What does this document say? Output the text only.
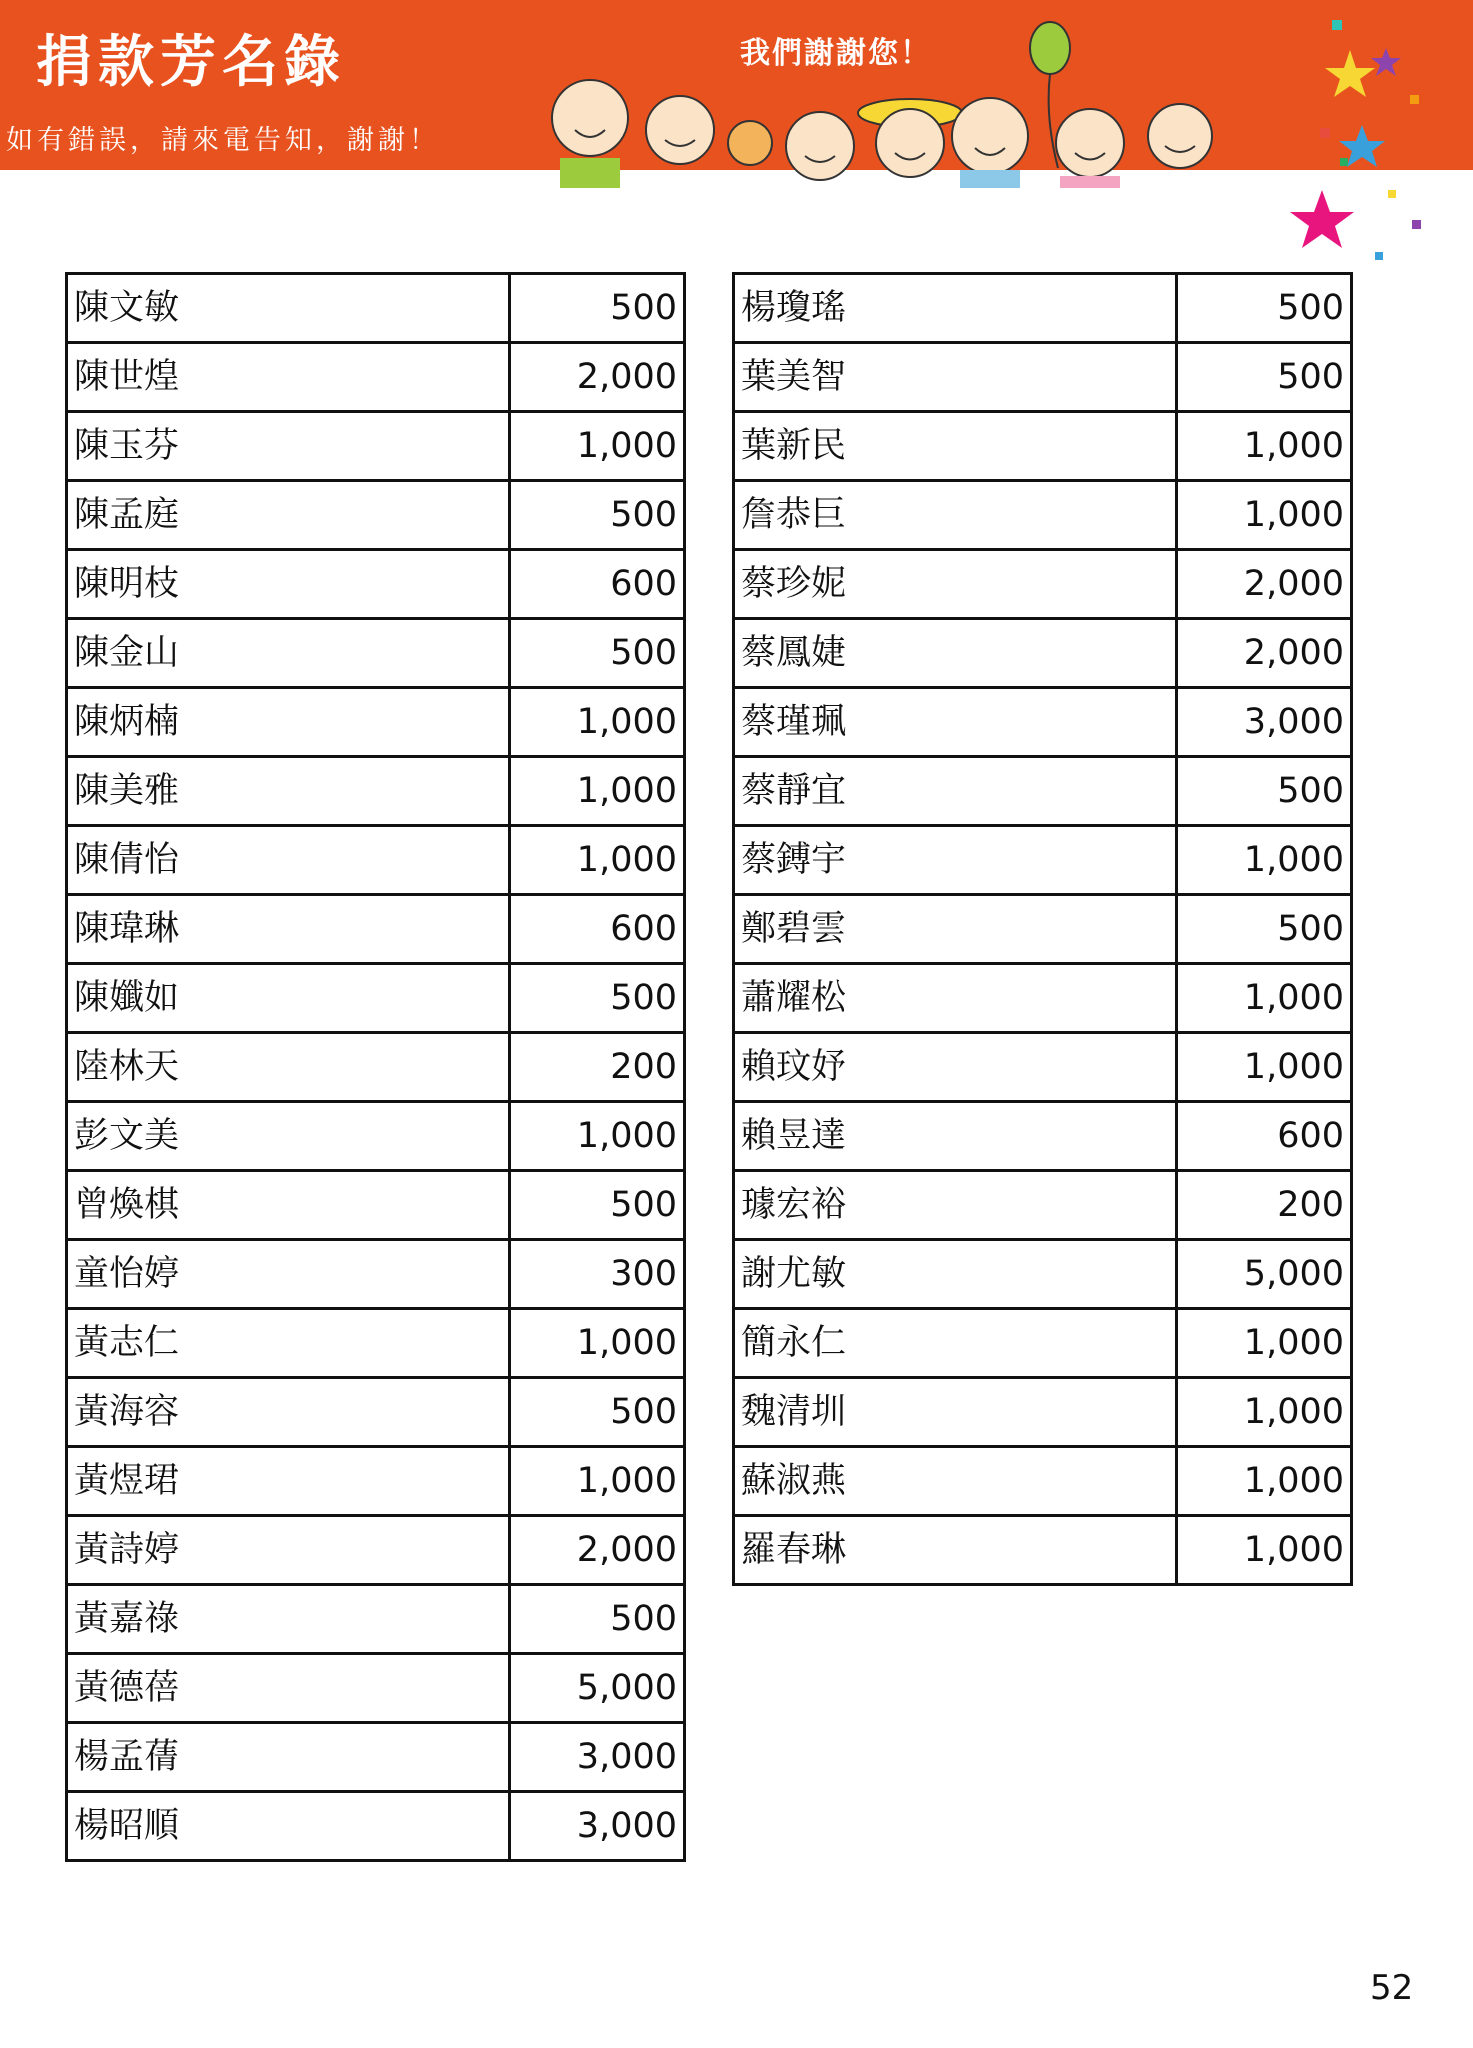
捐款芳名錄
如有錯誤，請來電告知，謝謝！
我們謝謝您！
陳文敏	500
陳世煌	2,000
陳玉芬	1,000
陳孟庭	500
陳明枝	600
陳金山	500
陳炳楠	1,000
陳美雅	1,000
陳倩怡	1,000
陳瑋琳	600
陳孅如	500
陸林天	200
彭文美	1,000
曾煥棋	500
童怡婷	300
黃志仁	1,000
黃海容	500
黃煜珺	1,000
黃詩婷	2,000
黃嘉祿	500
黃德蓓	5,000
楊孟蒨	3,000
楊昭順	3,000
楊瓊瑤	500
葉美智	500
葉新民	1,000
詹恭巨	1,000
蔡珍妮	2,000
蔡鳳婕	2,000
蔡瑾珮	3,000
蔡靜宜	500
蔡鎛宇	1,000
鄭碧雲	500
蕭耀松	1,000
賴玟妤	1,000
賴昱達	600
璩宏裕	200
謝尤敏	5,000
簡永仁	1,000
魏清圳	1,000
蘇淑燕	1,000
羅春琳	1,000
52
